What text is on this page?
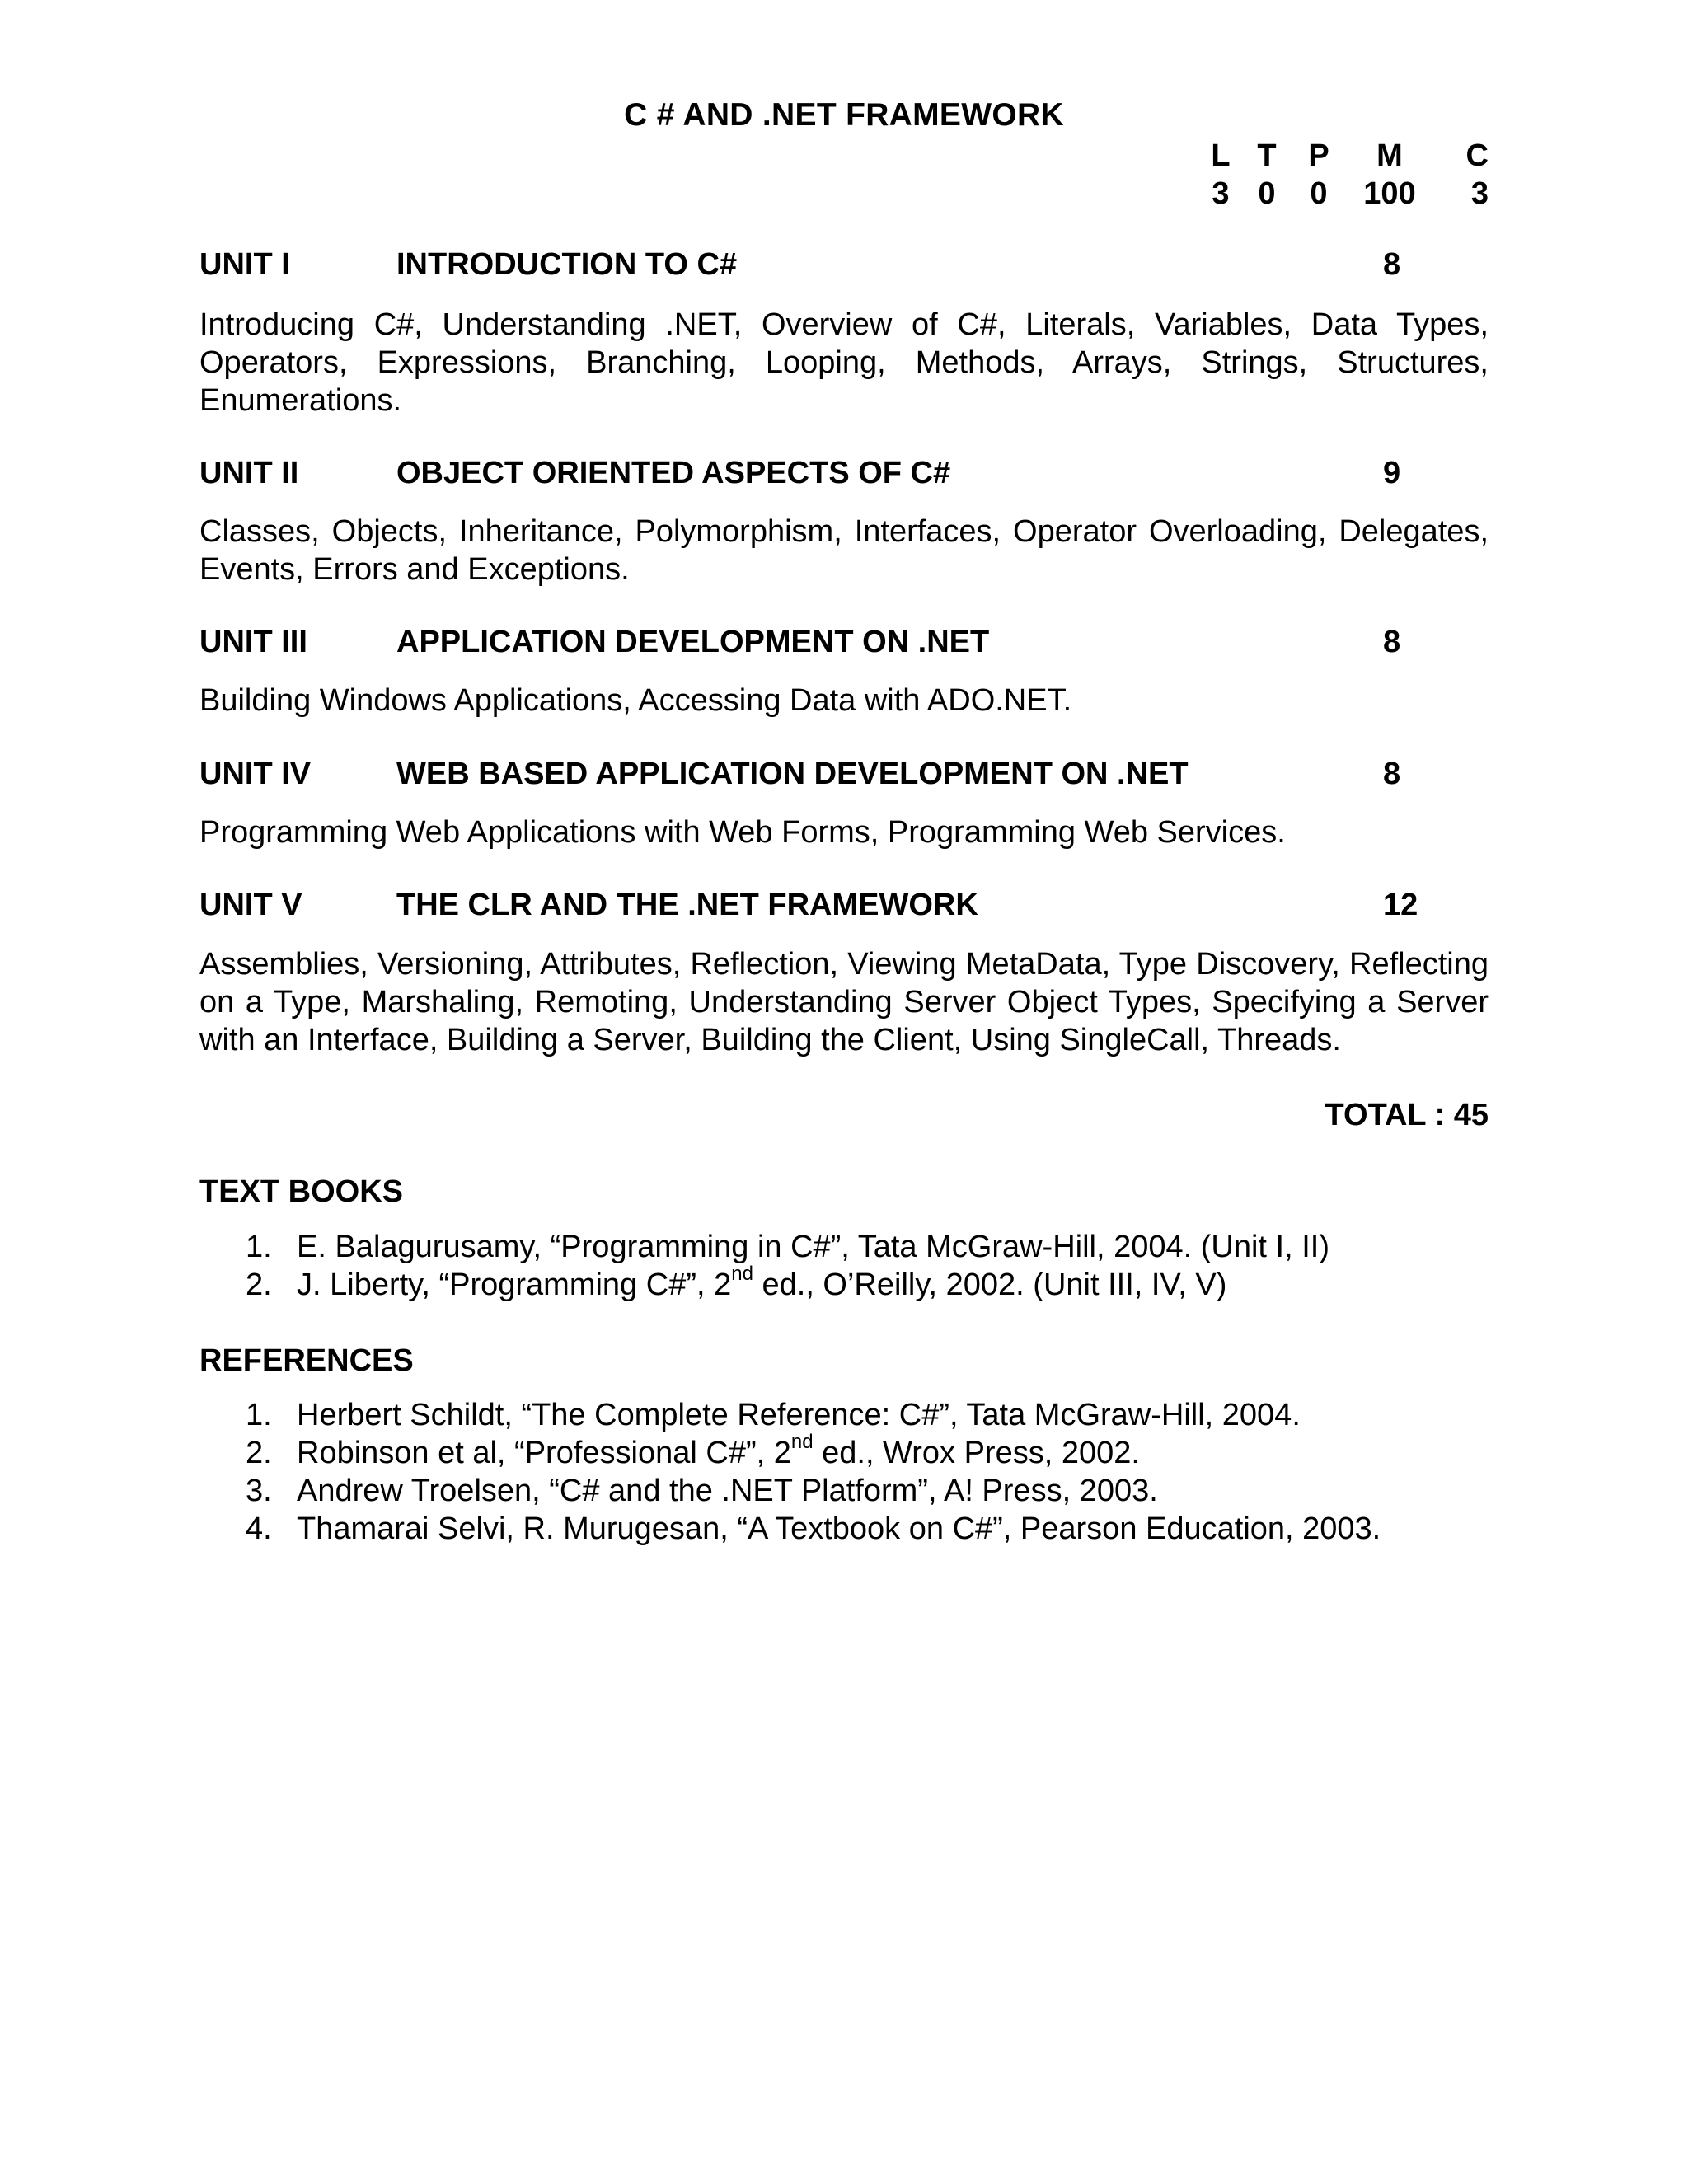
C # AND .NET FRAMEWORK
L	T	P	M	C
3	0	0	100	3
UNIT I	INTRODUCTION TO C#	8
Introducing C#, Understanding .NET, Overview of C#, Literals, Variables, Data Types, Operators, Expressions, Branching, Looping, Methods, Arrays, Strings, Structures, Enumerations.
UNIT II	OBJECT ORIENTED ASPECTS OF C#	9
Classes, Objects, Inheritance, Polymorphism, Interfaces, Operator Overloading, Delegates, Events, Errors and Exceptions.
UNIT III	APPLICATION DEVELOPMENT ON .NET	8
Building Windows Applications, Accessing Data with ADO.NET.
UNIT IV	WEB BASED APPLICATION DEVELOPMENT ON .NET	8
Programming Web Applications with Web Forms, Programming Web Services.
UNIT V	THE CLR AND THE .NET FRAMEWORK	12
Assemblies, Versioning, Attributes, Reflection, Viewing MetaData, Type Discovery, Reflecting on a Type, Marshaling, Remoting, Understanding Server Object Types, Specifying a Server with an Interface, Building a Server, Building the Client, Using SingleCall, Threads.
TOTAL : 45
TEXT BOOKS
1. E. Balagurusamy, “Programming in C#”, Tata McGraw-Hill, 2004. (Unit I, II)
2. J. Liberty, “Programming C#”, 2nd ed., O’Reilly, 2002. (Unit III, IV, V)
REFERENCES
1. Herbert Schildt, “The Complete Reference: C#”, Tata McGraw-Hill, 2004.
2. Robinson et al, “Professional C#”, 2nd ed., Wrox Press, 2002.
3. Andrew Troelsen, “C# and the .NET Platform”, A! Press, 2003.
4. Thamarai Selvi, R. Murugesan, “A Textbook on C#”, Pearson Education, 2003.
